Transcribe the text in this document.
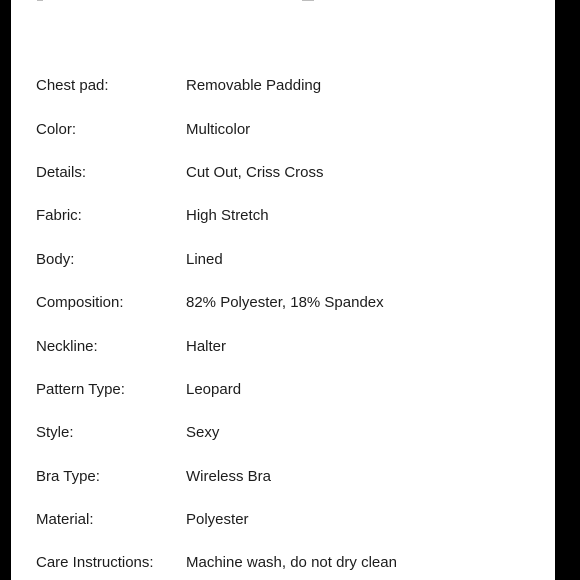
Chest pad:	Removable Padding
Color:	Multicolor
Details:	Cut Out, Criss Cross
Fabric:	High Stretch
Body:	Lined
Composition:	82% Polyester, 18% Spandex
Neckline:	Halter
Pattern Type:	Leopard
Style:	Sexy
Bra Type:	Wireless Bra
Material:	Polyester
Care Instructions: Machine wash, do not dry clean
